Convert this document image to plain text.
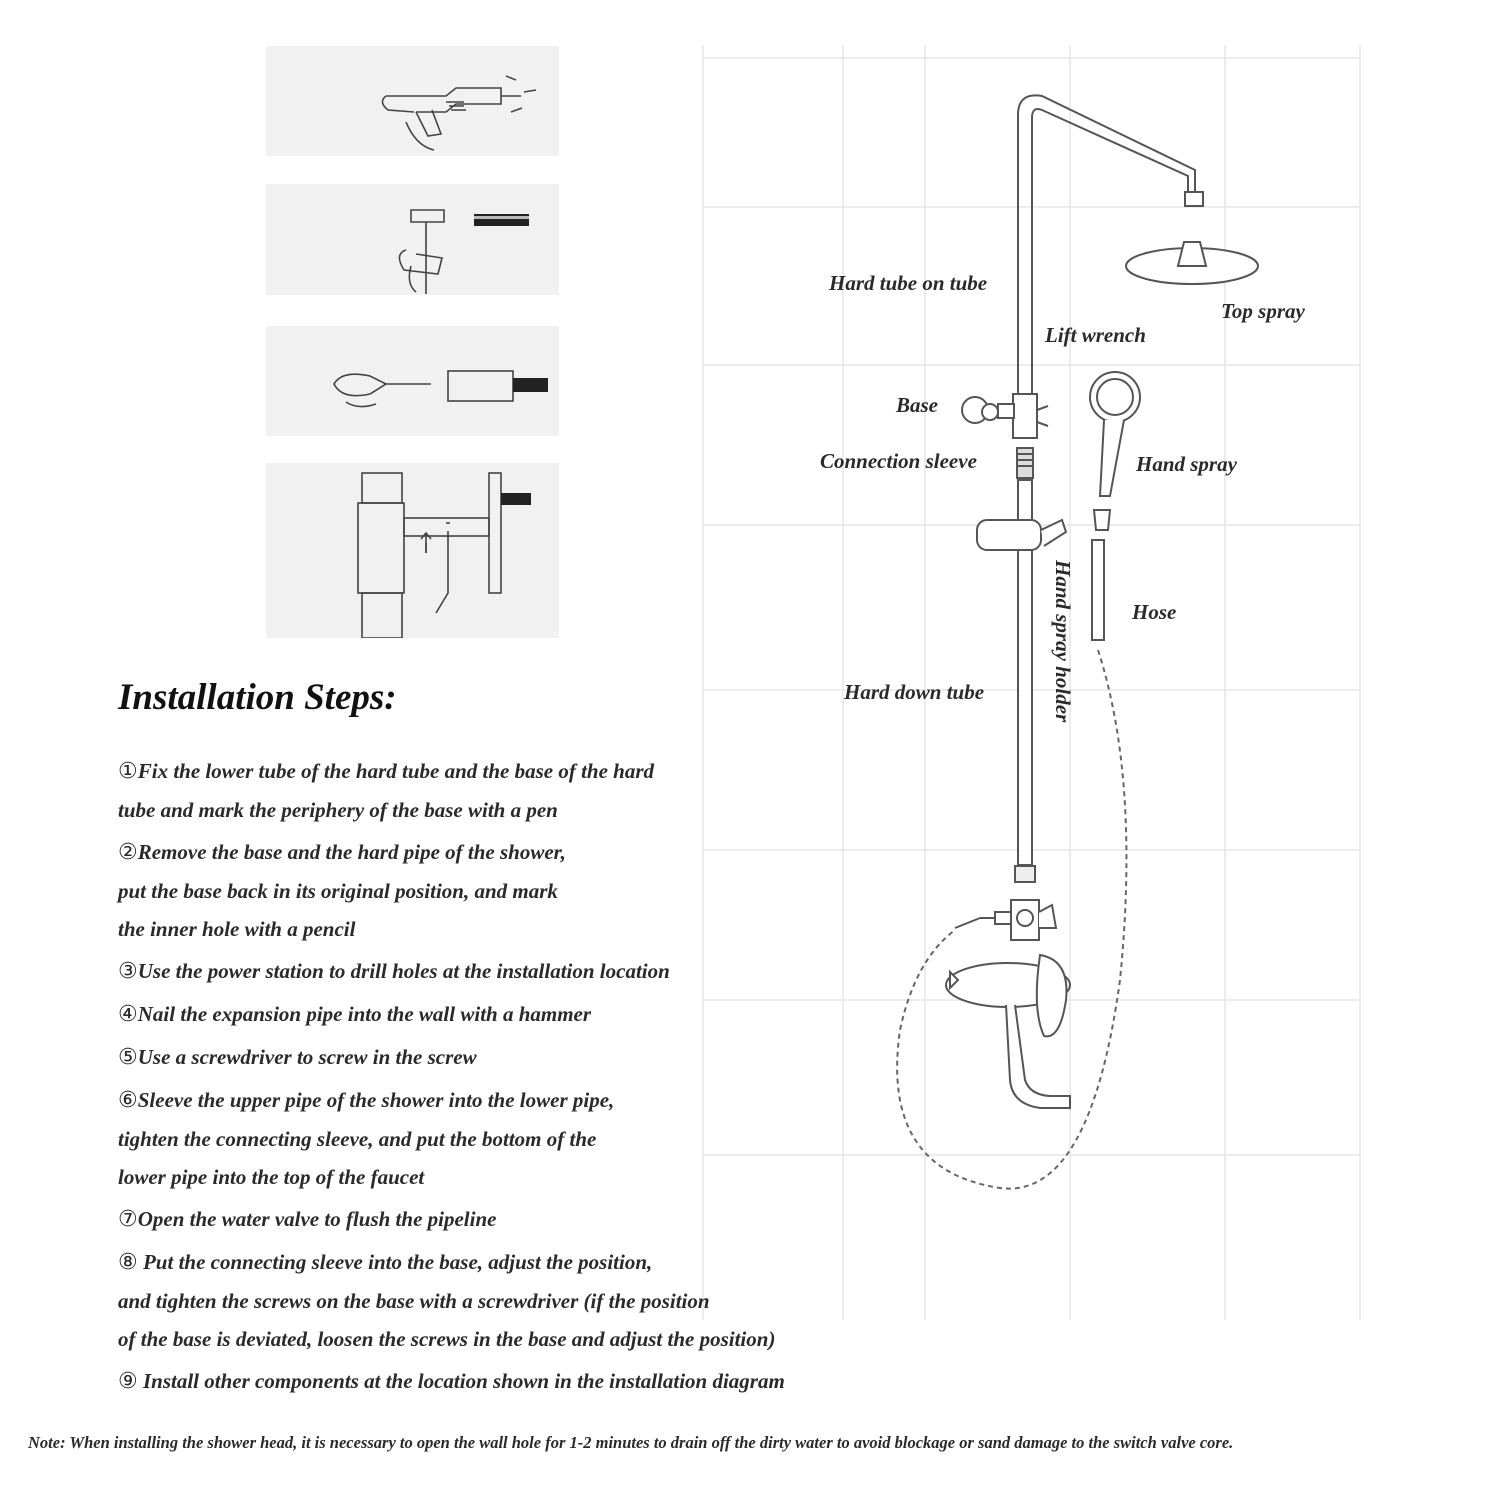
Hard tube on tube
Top spray
Lift wrench
Base
Connection sleeve	Hand spray
Hand spray holder	Hose
Hard down tube
Installation Steps:
①Fix the lower tube of the hard tube and the base of the hard
tube and mark the periphery of the base with a pen
②Remove the base and the hard pipe of the shower,
put the base back in its original position, and mark
the inner hole with a pencil
③Use the power station to drill holes at the installation location
④Nail the expansion pipe into the wall with a hammer
⑤Use a screwdriver to screw in the screw
⑥Sleeve the upper pipe of the shower into the lower pipe,
tighten the connecting sleeve, and put the bottom of the
lower pipe into the top of the faucet
⑦Open the water valve to flush the pipeline
⑧ Put the connecting sleeve into the base, adjust the position,
and tighten the screws on the base with a screwdriver (if the position
of the base is deviated, loosen the screws in the base and adjust the position)
⑨ Install other components at the location shown in the installation diagram
Note: When installing the shower head, it is necessary to open the wall hole for 1-2 minutes to drain off the dirty water to avoid blockage or sand damage to the switch valve core.
